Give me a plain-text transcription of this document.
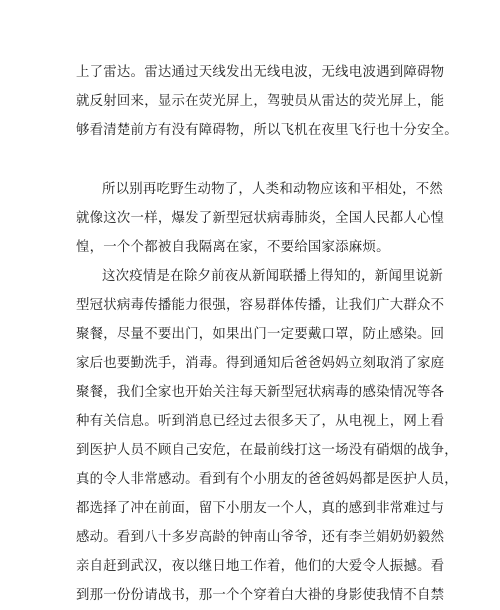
上了雷达。雷达通过天线发出无线电波，无线电波遇到障碍物
就反射回来，显示在荧光屏上，驾驶员从雷达的荧光屏上，能
够看清楚前方有没有障碍物，所以飞机在夜里飞行也十分安全。
所以别再吃野生动物了，人类和动物应该和平相处，不然
就像这次一样，爆发了新型冠状病毒肺炎，全国人民都人心惶
惶，一个个都被自我隔离在家，不要给国家添麻烦。
这次疫情是在除夕前夜从新闻联播上得知的，新闻里说新
型冠状病毒传播能力很强，容易群体传播，让我们广大群众不
聚餐，尽量不要出门，如果出门一定要戴口罩，防止感染。回
家后也要勤洗手，消毒。得到通知后爸爸妈妈立刻取消了家庭
聚餐，我们全家也开始关注每天新型冠状病毒的感染情况等各
种有关信息。听到消息已经过去很多天了，从电视上，网上看
到医护人员不顾自己安危，在最前线打这一场没有硝烟的战争，
真的令人非常感动。看到有个小朋友的爸爸妈妈都是医护人员，
都选择了冲在前面，留下小朋友一个人，真的感到非常难过与
感动。看到八十多岁高龄的钟南山爷爷，还有李兰娟奶奶毅然
亲自赶到武汉，夜以继日地工作着，他们的大爱令人振撼。看
到那一份份请战书，那一个个穿着白大褂的身影使我情不自禁
